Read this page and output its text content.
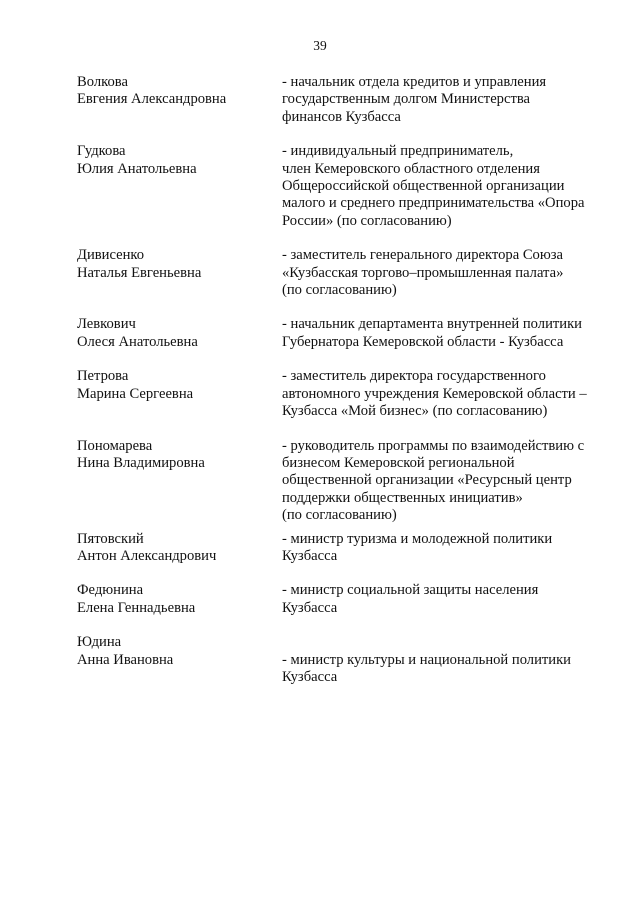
39
Волкова
Евгения Александровна
- начальник отдела кредитов и управления
государственным долгом Министерства
финансов Кузбасса
Гудкова
Юлия Анатольевна
- индивидуальный предприниматель,
член Кемеровского областного отделения
Общероссийской общественной организации
малого и среднего предпринимательства «Опора
России» (по согласованию)
Дивисенко
Наталья Евгеньевна
- заместитель генерального директора Союза
«Кузбасская торгово–промышленная палата»
(по согласованию)
Левкович
Олеся Анатольевна
- начальник департамента внутренней политики
Губернатора Кемеровской области - Кузбасса
Петрова
Марина Сергеевна
- заместитель директора государственного
автономного учреждения Кемеровской области –
Кузбасса «Мой бизнес» (по согласованию)
Пономарева
Нина Владимировна
- руководитель программы по взаимодействию с
бизнесом Кемеровской региональной
общественной организации «Ресурсный центр
поддержки общественных инициатив»
(по согласованию)
Пятовский
Антон Александрович
- министр туризма и молодежной политики
Кузбасса
Федюнина
Елена Геннадьевна
- министр социальной защиты населения
Кузбасса
Юдина
Анна Ивановна	- министр культуры и национальной политики
Кузбасса
